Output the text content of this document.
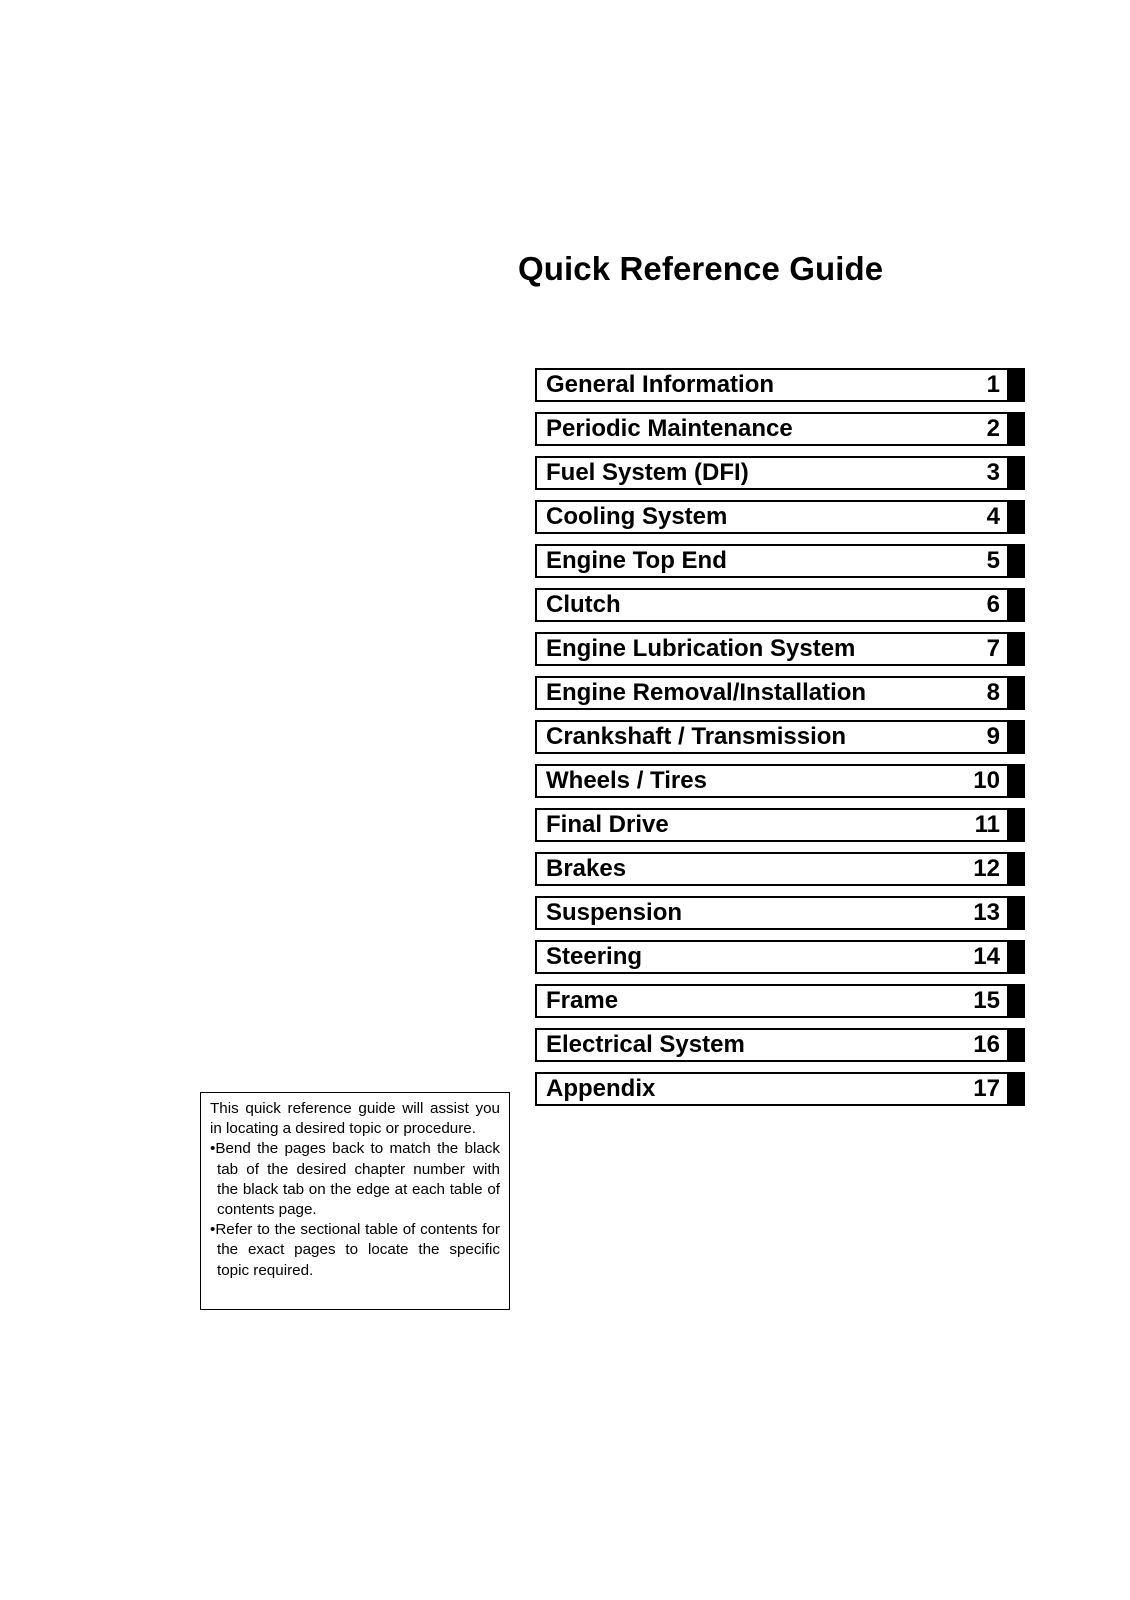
Quick Reference Guide
General Information	1
Periodic Maintenance	2
Fuel System (DFI)	3
Cooling System	4
Engine Top End	5
Clutch	6
Engine Lubrication System	7
Engine Removal/Installation	8
Crankshaft / Transmission	9
Wheels / Tires	10
Final Drive	11
Brakes	12
Suspension	13
Steering	14
Frame	15
Electrical System	16
Appendix	17

This quick reference guide will assist you in locating a desired topic or procedure.

•Bend the pages back to match the black tab of the desired chapter number with the black tab on the edge at each table of contents page.

•Refer to the sectional table of contents for the exact pages to locate the specific topic required.
